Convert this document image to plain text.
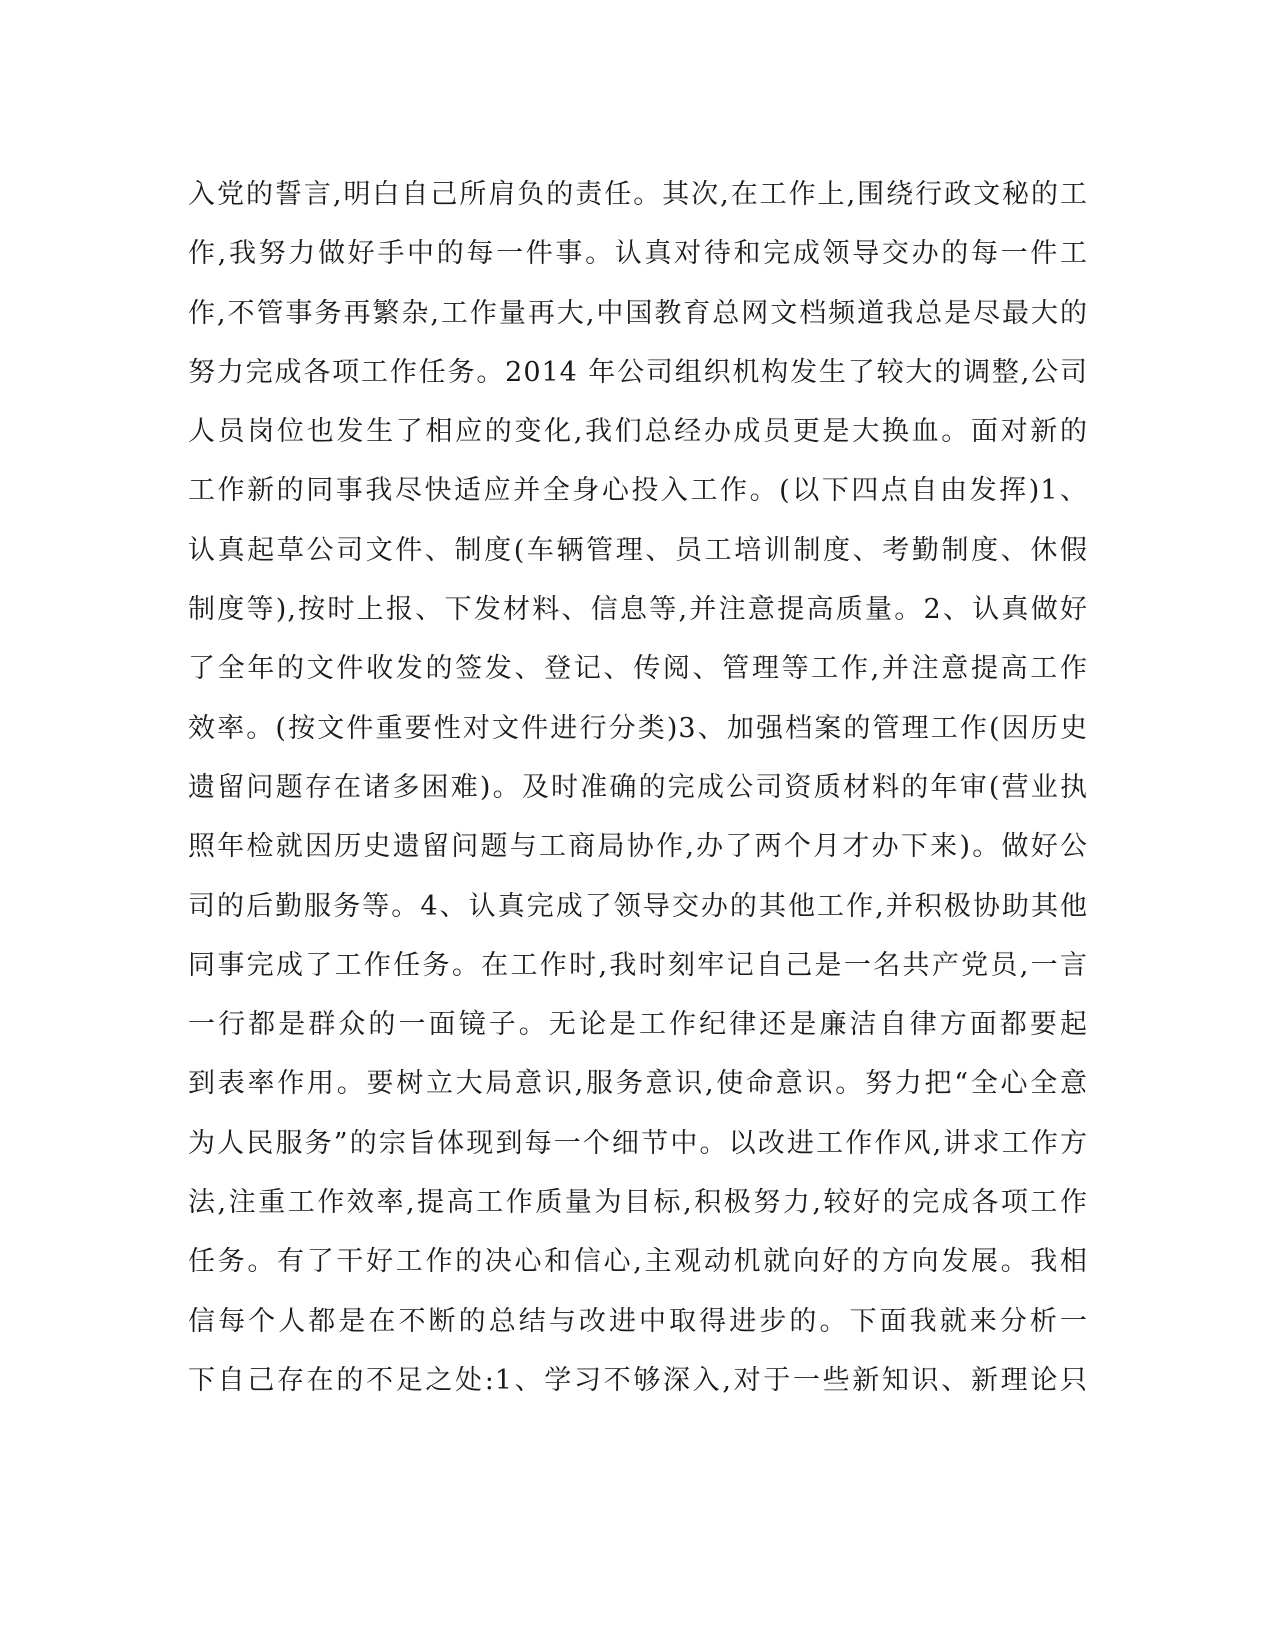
入党的誓言,明白自己所肩负的责任。其次,在工作上,围绕行政文秘的工
作,我努力做好手中的每一件事。认真对待和完成领导交办的每一件工
作,不管事务再繁杂,工作量再大,中国教育总网文档频道我总是尽最大的
努力完成各项工作任务。2014 年公司组织机构发生了较大的调整,公司
人员岗位也发生了相应的变化,我们总经办成员更是大换血。面对新的
工作新的同事我尽快适应并全身心投入工作。(以下四点自由发挥)1、
认真起草公司文件、制度(车辆管理、员工培训制度、考勤制度、休假
制度等),按时上报、下发材料、信息等,并注意提高质量。2、认真做好
了全年的文件收发的签发、登记、传阅、管理等工作,并注意提高工作
效率。(按文件重要性对文件进行分类)3、加强档案的管理工作(因历史
遗留问题存在诸多困难)。及时准确的完成公司资质材料的年审(营业执
照年检就因历史遗留问题与工商局协作,办了两个月才办下来)。做好公
司的后勤服务等。4、认真完成了领导交办的其他工作,并积极协助其他
同事完成了工作任务。在工作时,我时刻牢记自己是一名共产党员,一言
一行都是群众的一面镜子。无论是工作纪律还是廉洁自律方面都要起
到表率作用。要树立大局意识,服务意识,使命意识。努力把“全心全意
为人民服务”的宗旨体现到每一个细节中。以改进工作作风,讲求工作方
法,注重工作效率,提高工作质量为目标,积极努力,较好的完成各项工作
任务。有了干好工作的决心和信心,主观动机就向好的方向发展。我相
信每个人都是在不断的总结与改进中取得进步的。下面我就来分析一
下自己存在的不足之处:1、学习不够深入,对于一些新知识、新理论只
